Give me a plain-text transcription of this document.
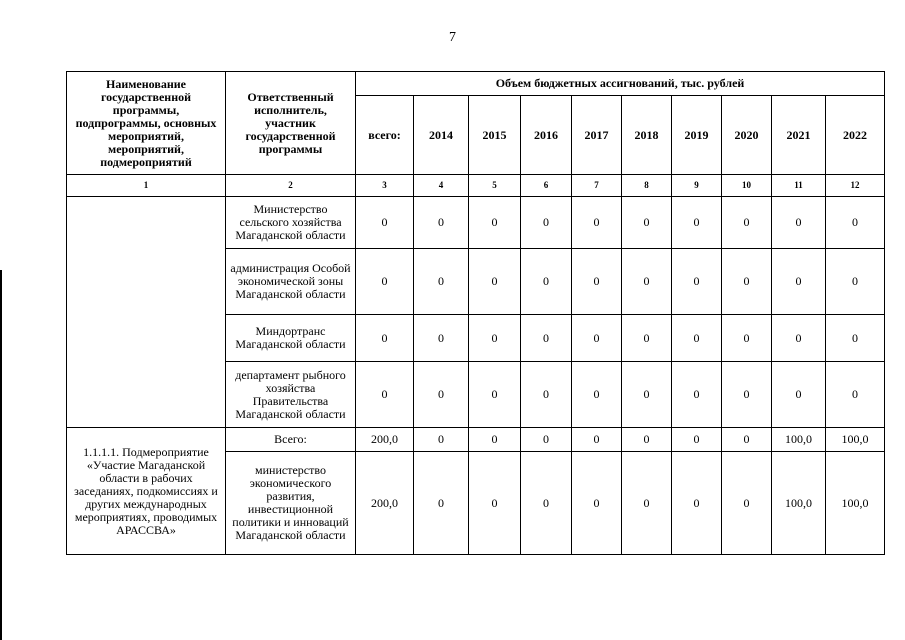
7
Наименование государственной программы, подпрограммы, основных мероприятий, мероприятий, подмероприятий	Ответственный исполнитель, участник государственной программы	Объем бюджетных ассигнований, тыс. рублей									
		всего:	2014	2015	2016	2017	2018	2019	2020	2021	2022
1	2	3	4	5	6	7	8	9	10	11	12
	Министерство сельского хозяйства Магаданской области	0	0	0	0	0	0	0	0	0	0
	администрация Особой экономической зоны Магаданской области	0	0	0	0	0	0	0	0	0	0
	Миндортранс Магаданской области	0	0	0	0	0	0	0	0	0	0
	департамент рыбного хозяйства Правительства Магаданской области	0	0	0	0	0	0	0	0	0	0
1.1.1.1. Подмероприятие «Участие Магаданской области в рабочих заседаниях, подкомиссиях и других международных мероприятиях, проводимых АРАССВА»	Всего:	200,0	0	0	0	0	0	0	0	100,0	100,0
	министерство экономического развития, инвестиционной политики и инноваций Магаданской области	200,0	0	0	0	0	0	0	0	100,0	100,0
